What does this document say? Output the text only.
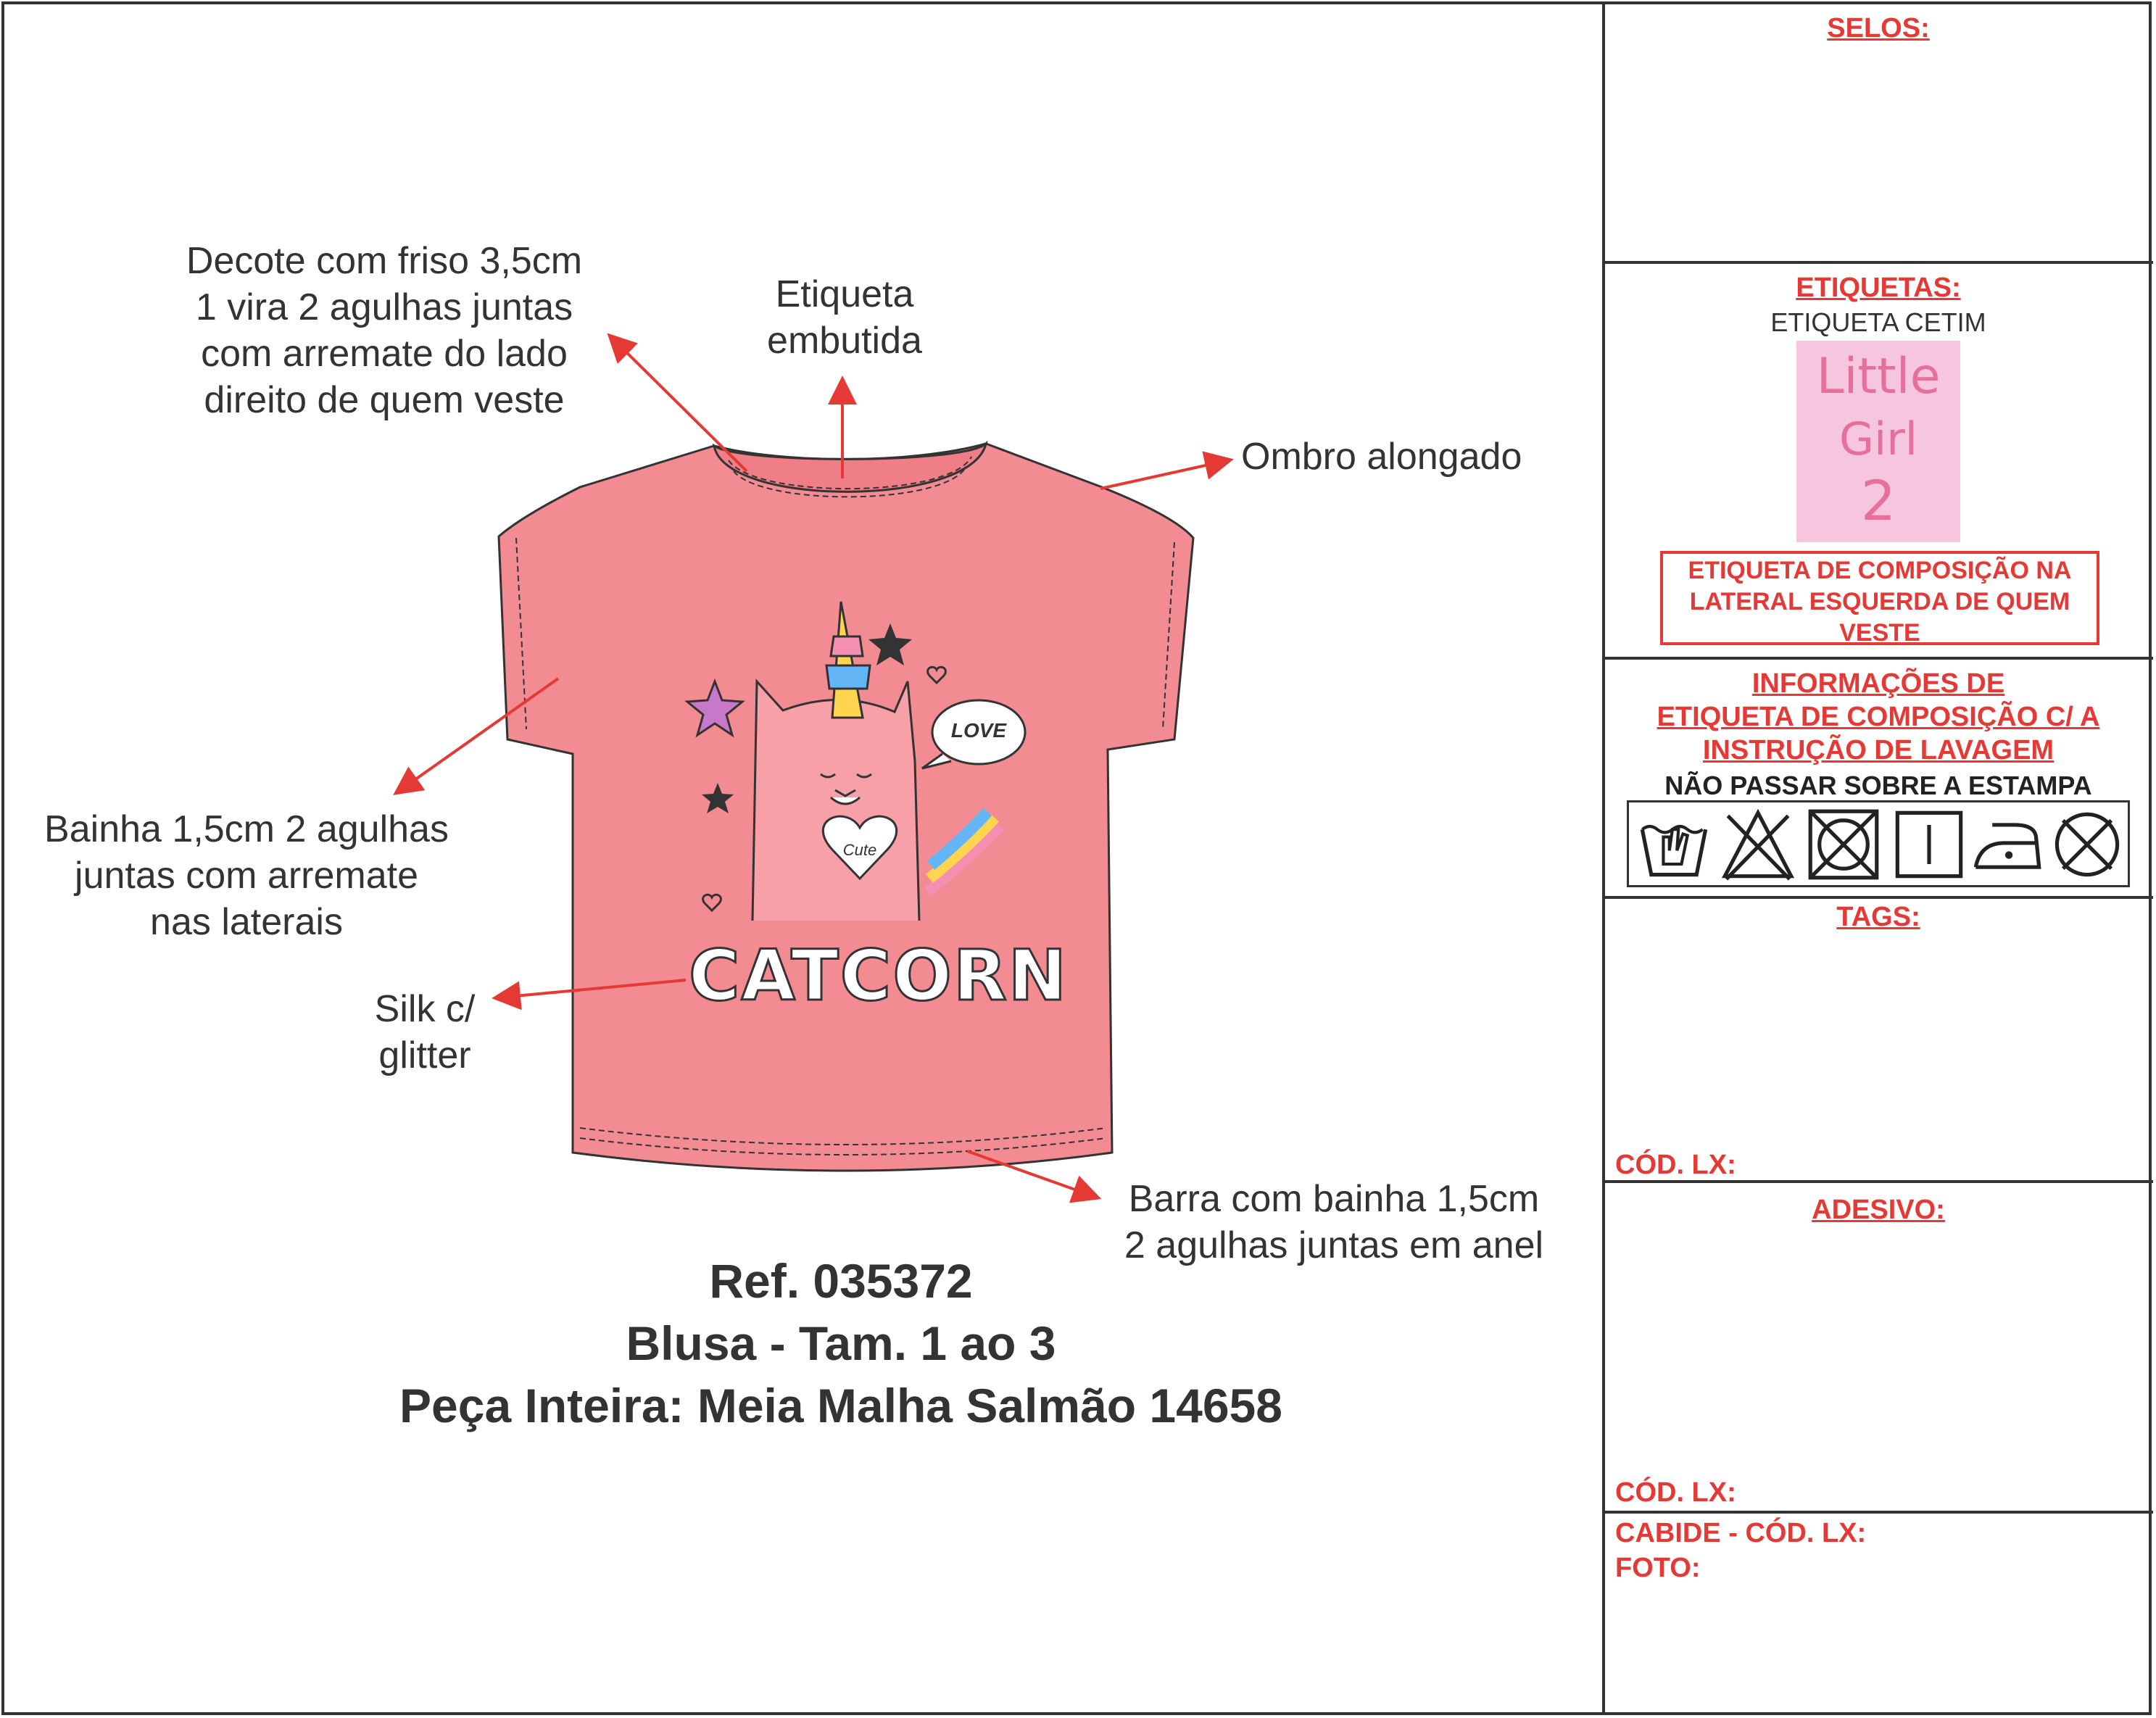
CATCORN
LOVE
Cute
Decote com friso 3,5cm
1 vira 2 agulhas juntas
com arremate do lado
direito de quem veste
Etiqueta
embutida
Ombro alongado
Bainha 1,5cm 2 agulhas
juntas com arremate
nas laterais
Silk c/
glitter
Barra com bainha 1,5cm
2 agulhas juntas em anel
Ref. 035372
Blusa - Tam. 1 ao 3
Peça Inteira: Meia Malha Salmão 14658
SELOS:
ETIQUETAS:
ETIQUETA CETIM
Little
Girl
2
ETIQUETA DE COMPOSIÇÃO NA
LATERAL ESQUERDA DE QUEM
VESTE
INFORMAÇÕES DE
ETIQUETA DE COMPOSIÇÃO C/ A
INSTRUÇÃO DE LAVAGEM
NÃO PASSAR SOBRE A ESTAMPA
TAGS:
CÓD. LX:
ADESIVO:
CÓD. LX:
CABIDE - CÓD. LX:
FOTO:
